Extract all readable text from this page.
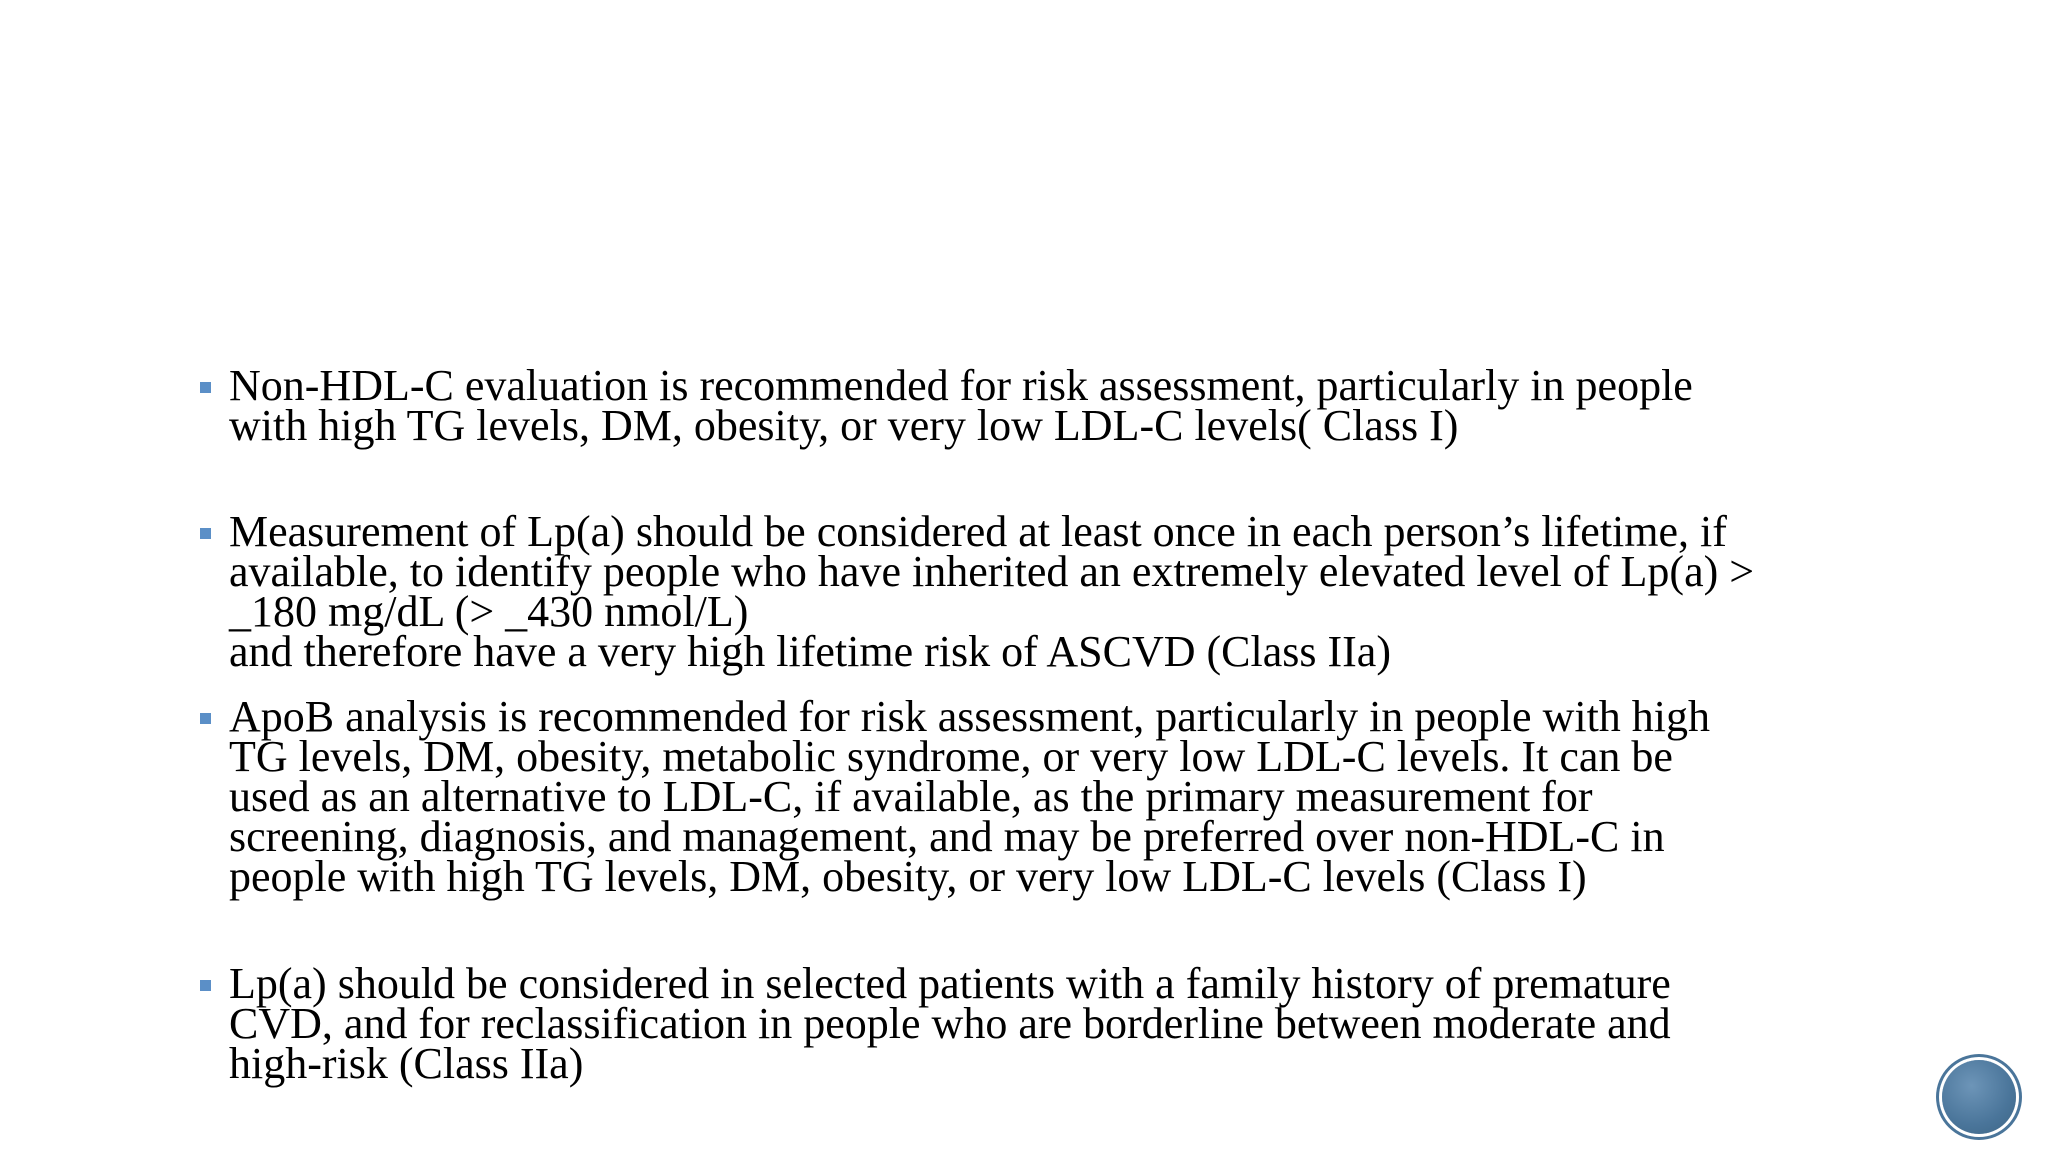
Non-HDL-C evaluation is recommended for risk assessment, particularly in people
with high TG levels, DM, obesity, or very low LDL-C levels( Class I)

Measurement of Lp(a) should be considered at least once in each person’s lifetime, if
available, to identify people who have inherited an extremely elevated level of Lp(a) >
_180 mg/dL (> _430 nmol/L)
and therefore have a very high lifetime risk of ASCVD (Class IIa)

ApoB analysis is recommended for risk assessment, particularly in people with high
TG levels, DM, obesity, metabolic syndrome, or very low LDL-C levels. It can be
used as an alternative to LDL-C, if available, as the primary measurement for
screening, diagnosis, and management, and may be preferred over non-HDL-C in
people with high TG levels, DM, obesity, or very low LDL-C levels (Class I)

Lp(a) should be considered in selected patients with a family history of premature
CVD, and for reclassification in people who are borderline between moderate and
high-risk (Class IIa)
